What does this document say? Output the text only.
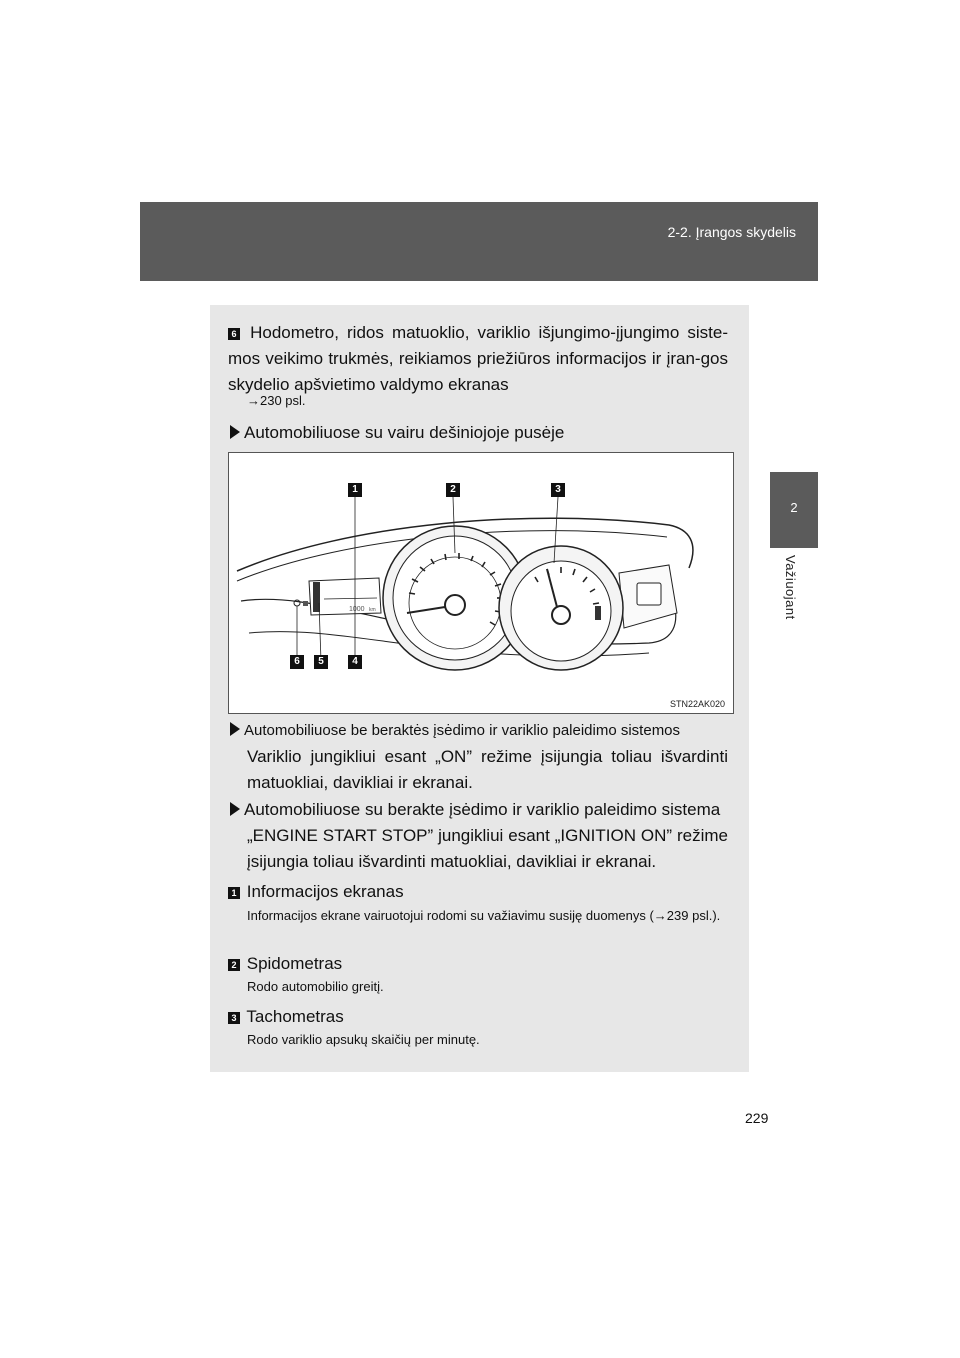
2-2. Įrangos skydelis
2
Važiuojant
6 Hodometro, ridos matuoklio, variklio išjungimo-įjungimo siste-mos veikimo trukmės, reikiamos priežiūros informacijos ir įran-gos skydelio apšvietimo valdymo ekranas
→230 psl.
Automobiliuose su vairu dešiniojoje pusėje
1000 km
1	2	3
6	5	4
STN22AK020
Automobiliuose be beraktės įsėdimo ir variklio paleidimo sistemos
Variklio jungikliui esant „ON” režime įsijungia toliau išvardinti matuokliai, davikliai ir ekranai.
Automobiliuose su berakte įsėdimo ir variklio paleidimo sistema
„ENGINE START STOP” jungikliui esant „IGNITION ON” režime įsijungia toliau išvardinti matuokliai, davikliai ir ekranai.
1 Informacijos ekranas
Informacijos ekrane vairuotojui rodomi su važiavimu susiję duomenys (→239 psl.).
2 Spidometras
Rodo automobilio greitį.
3 Tachometras
Rodo variklio apsukų skaičių per minutę.
229
